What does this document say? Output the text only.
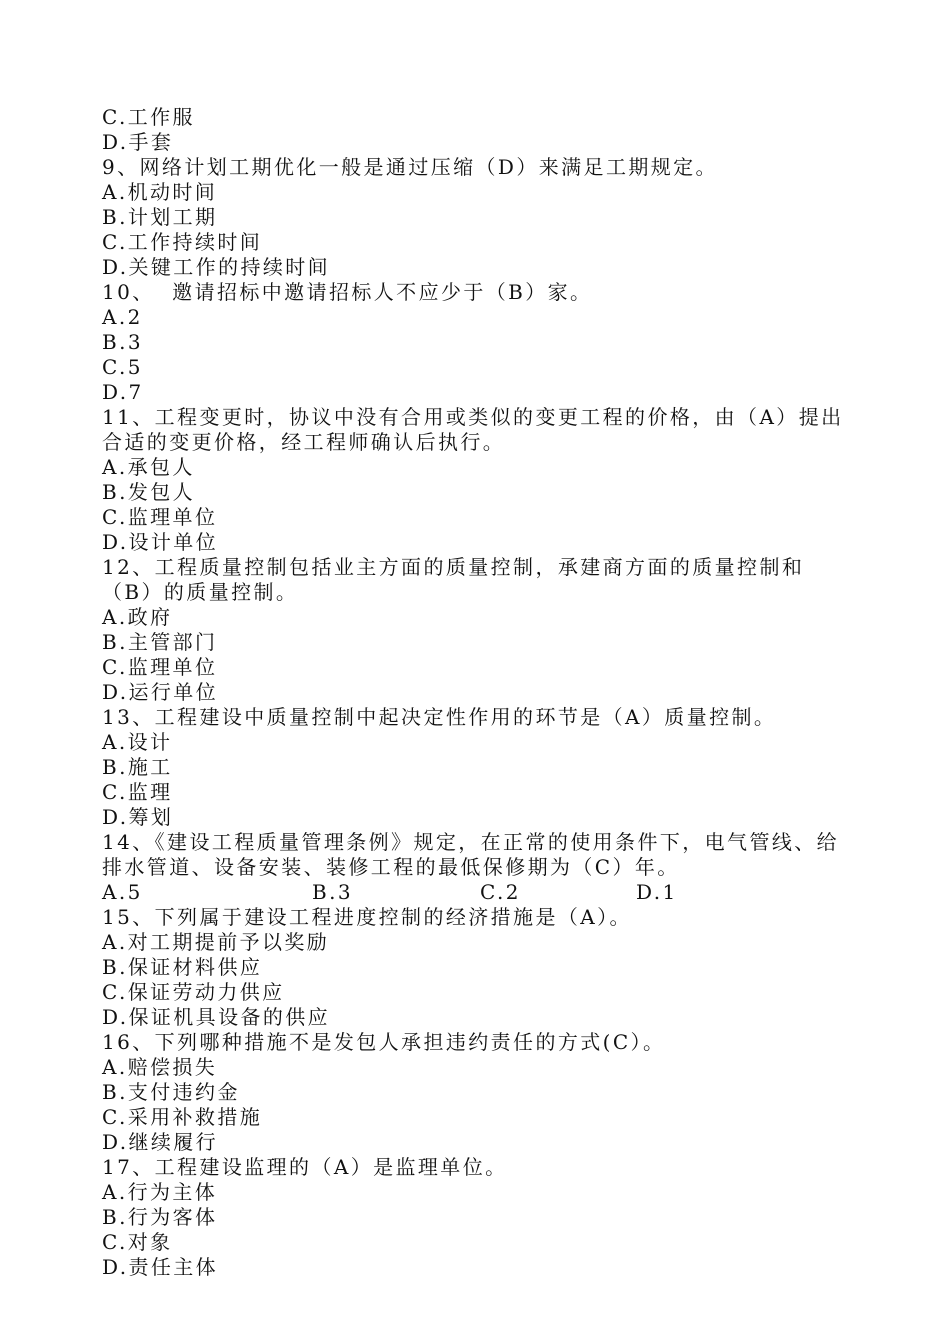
C.工作服
D.手套
9、网络计划工期优化一般是通过压缩（D）来满足工期规定。
A.机动时间
B.计划工期
C.工作持续时间
D.关键工作的持续时间
10、  邀请招标中邀请招标人不应少于（B）家。
A.2
B.3
C.5
D.7
11、工程变更时，协议中没有合用或类似的变更工程的价格，由（A）提出
合适的变更价格，经工程师确认后执行。
A.承包人
B.发包人
C.监理单位
D.设计单位
12、工程质量控制包括业主方面的质量控制，承建商方面的质量控制和
（B）的质量控制。
A.政府
B.主管部门
C.监理单位
D.运行单位
13、工程建设中质量控制中起决定性作用的环节是（A）质量控制。
A.设计
B.施工
C.监理
D.筹划
14、《建设工程质量管理条例》规定，在正常的使用条件下，电气管线、给
排水管道、设备安装、装修工程的最低保修期为（C）年。
A.5	B.3	C.2	D.1
15、下列属于建设工程进度控制的经济措施是（A）。
A.对工期提前予以奖励
B.保证材料供应
C.保证劳动力供应
D.保证机具设备的供应
16、下列哪种措施不是发包人承担违约责任的方式(C）。
A.赔偿损失
B.支付违约金
C.采用补救措施
D.继续履行
17、工程建设监理的（A）是监理单位。
A.行为主体
B.行为客体
C.对象
D.责任主体
